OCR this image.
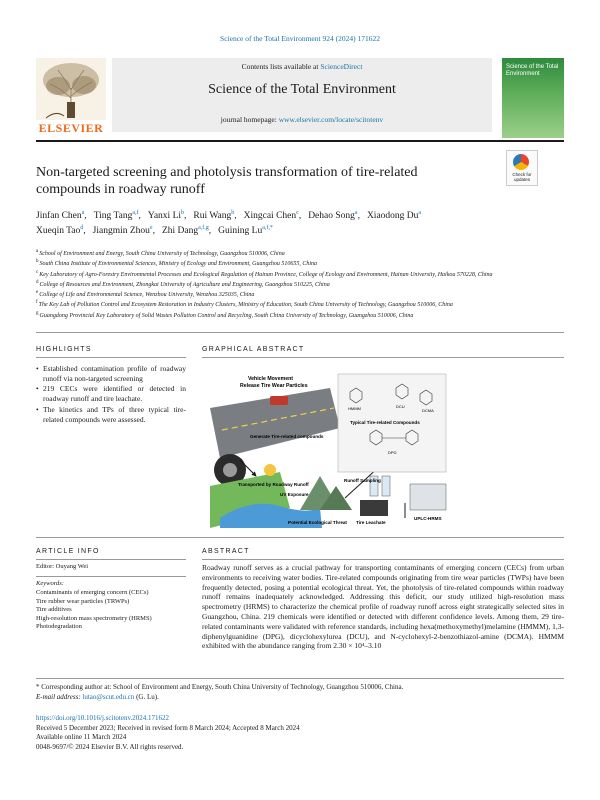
Science of the Total Environment 924 (2024) 171622
ELSEVIER
Contents lists available at ScienceDirect
Science of the Total Environment
journal homepage: www.elsevier.com/locate/scitotenv
Science of the Total Environment
Non-targeted screening and photolysis transformation of tire-related compounds in roadway runoff
Check for updates
Jinfan Chen$^a$, Ting Tang$^{a,f}$, Yanxi Li$^b$, Rui Wang$^b$, Xingcai Chen$^c$, Dehao Song$^a$, Xiaodong Du$^a$
Xueqin Tao$^d$, Jiangmin Zhou$^e$, Zhi Dang$^{a,f,g}$, Guining Lu$^{a,f,*}$
$^a$School of Environment and Energy, South China University of Technology, Guangzhou 510006, China
$^b$South China Institute of Environmental Sciences, Ministry of Ecology and Environment, Guangzhou 510655, China
$^c$Key Laboratory of Agro-Forestry Environmental Processes and Ecological Regulation of Hainan Province, College of Ecology and Environment, Hainan University, Haikou 570228, China
$^d$College of Resources and Environment, Zhongkai University of Agriculture and Engineering, Guangzhou 510225, China
$^e$College of Life and Environmental Science, Wenzhou University, Wenzhou 325035, China
$^f$The Key Lab of Pollution Control and Ecosystem Restoration in Industry Clusters, Ministry of Education, South China University of Technology, Guangzhou 510006, China
$^g$Guangdong Provincial Key Laboratory of Solid Wastes Pollution Control and Recycling, South China University of Technology, Guangzhou 510006, China
HIGHLIGHTS
• Established contamination profile of roadway runoff via non-targeted screening
• 219 CECs were identified or detected in roadway runoff and tire leachate.
• The kinetics and TPs of three typical tire-related compounds were assessed.
GRAPHICAL ABSTRACT
Vehicle Movement
Release Tire Wear Particles
Generate Tire-related compounds
Transported by Roadway Runoff
UV Exposure
Potential Ecological Threat
Runoff Sampling
Typical Tire-related Compounds
Tire Leachate
UPLC-HRMS
HMMM	DCU
DCMA
DPG
ARTICLE INFO
Editor: Ouyang Wei
Keywords:
Contaminants of emerging concern (CECs)
Tire rubber wear particles (TRWPs)
Tire additives
High-resolution mass spectrometry (HRMS)
Photodegradation
ABSTRACT
Roadway runoff serves as a crucial pathway for transporting contaminants of emerging concern (CECs) from urban environments to receiving water bodies. Tire-related compounds originating from tire wear particles (TWPs) have been frequently detected, posing a potential ecological threat. Yet, the photolysis of tire-related compounds within roadway runoff remains inadequately acknowledged. Addressing this deficit, our study utilized high-resolution mass spectrometry (HRMS) to characterize the chemical profile of roadway runoff across eight strategically selected sites in Guangzhou, China. 219 chemicals were identified or detected with different confidence levels. Among them, 29 tire-related contaminants were validated with reference standards, including hexa(methoxymethyl)melamine (HMMM), 1,3-diphenylguanidine (DPG), dicyclohexylurea (DCU), and N-cyclohexyl-2-benzothiazol-amine (DCMA). HMMM exhibited with the abundance ranging from 2.30 × 10⁴–3.10
* Corresponding author at: School of Environment and Energy, South China University of Technology, Guangzhou 510006, China.
E-mail address: lutao@scut.edu.cn (G. Lu).
https://doi.org/10.1016/j.scitotenv.2024.171622
Received 5 December 2023; Received in revised form 8 March 2024; Accepted 8 March 2024
Available online 11 March 2024
0048-9697/© 2024 Elsevier B.V. All rights reserved.
